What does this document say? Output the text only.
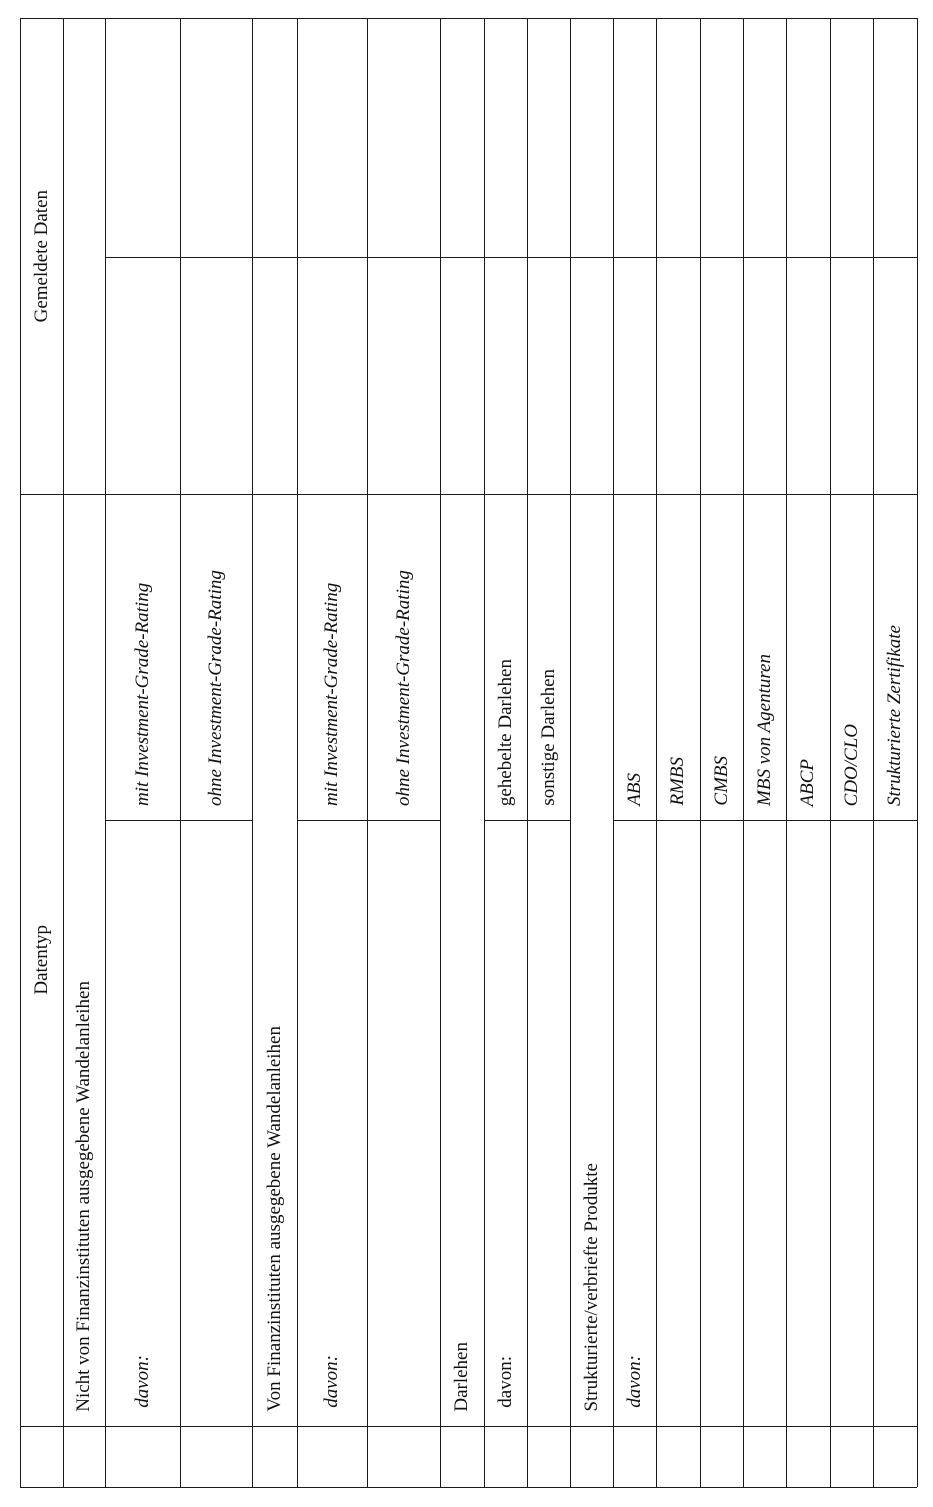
Datentyp
Gemeldete Daten
Nicht von Finanzinstituten ausgegebene Wandelanleihen davon:
mit Investment-Grade-Rating	ohne Investment-Grade-Rating
Von Finanzinstituten ausgegebene Wandelanleihen davon:
mit Investment-Grade-Rating	ohne Investment-Grade-Rating
Darlehen davon:
gehebelte Darlehen sonstige Darlehen
Strukturierte/verbriefte Produkte davon:
ABS RMBS CMBS MBS von Agenturen ABCP CDO/CLO Strukturierte Zertifikate
